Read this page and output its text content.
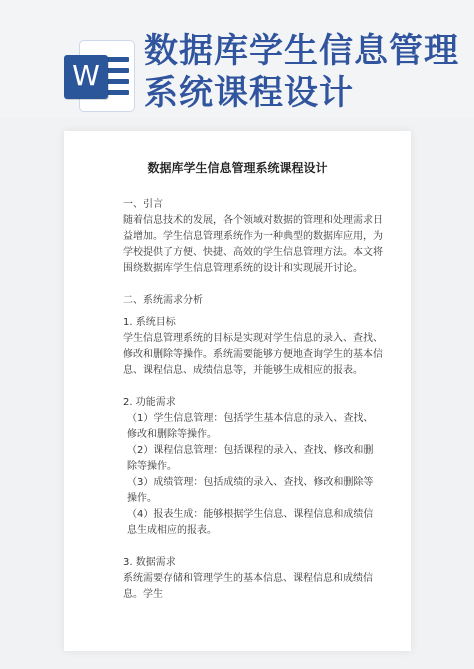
W
数据库学生信息管理系统课程设计
数据库学生信息管理系统课程设计
一、引言
随着信息技术的发展，各个领域对数据的管理和处理需求日益增加。学生信息管理系统作为一种典型的数据库应用，为学校提供了方便、快捷、高效的学生信息管理方法。本文将围绕数据库学生信息管理系统的设计和实现展开讨论。
二、系统需求分析
1. 系统目标
学生信息管理系统的目标是实现对学生信息的录入、查找、修改和删除等操作。系统需要能够方便地查询学生的基本信息、课程信息、成绩信息等，并能够生成相应的报表。
2. 功能需求
（1）学生信息管理：包括学生基本信息的录入、查找、修改和删除等操作。
（2）课程信息管理：包括课程的录入、查找、修改和删除等操作。
（3）成绩管理：包括成绩的录入、查找、修改和删除等操作。
（4）报表生成：能够根据学生信息、课程信息和成绩信息生成相应的报表。
3. 数据需求
系统需要存储和管理学生的基本信息、课程信息和成绩信息。学生
